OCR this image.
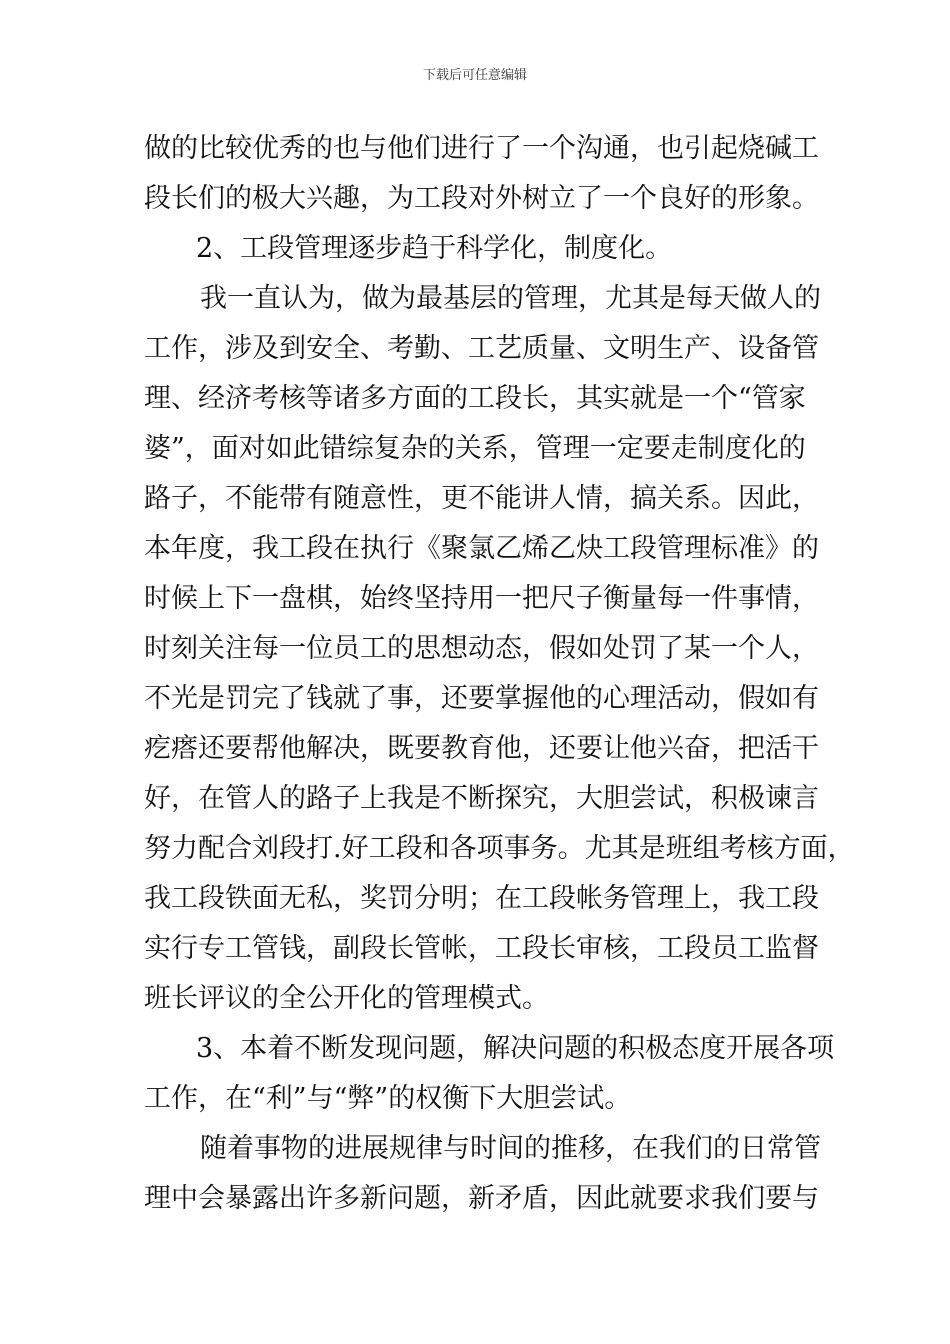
下载后可任意编辑
做的比较优秀的也与他们进行了一个沟通，也引起烧碱工
段长们的极大兴趣，为工段对外树立了一个良好的形象。
2、工段管理逐步趋于科学化，制度化。
我一直认为，做为最基层的管理，尤其是每天做人的
工作，涉及到安全、考勤、工艺质量、文明生产、设备管
理、经济考核等诸多方面的工段长，其实就是一个“管家
婆”，面对如此错综复杂的关系，管理一定要走制度化的
路子，不能带有随意性，更不能讲人情，搞关系。因此，
本年度，我工段在执行《聚氯乙烯乙炔工段管理标准》的
时候上下一盘棋，始终坚持用一把尺子衡量每一件事情，
时刻关注每一位员工的思想动态，假如处罚了某一个人，
不光是罚完了钱就了事，还要掌握他的心理活动，假如有
疙瘩还要帮他解决，既要教育他，还要让他兴奋，把活干
好，在管人的路子上我是不断探究，大胆尝试，积极谏言
努力配合刘段打.好工段和各项事务。尤其是班组考核方面，
我工段铁面无私，奖罚分明；在工段帐务管理上，我工段
实行专工管钱，副段长管帐，工段长审核，工段员工监督
班长评议的全公开化的管理模式。
3、本着不断发现问题，解决问题的积极态度开展各项
工作，在“利”与“弊”的权衡下大胆尝试。
随着事物的进展规律与时间的推移，在我们的日常管
理中会暴露出许多新问题，新矛盾，因此就要求我们要与
